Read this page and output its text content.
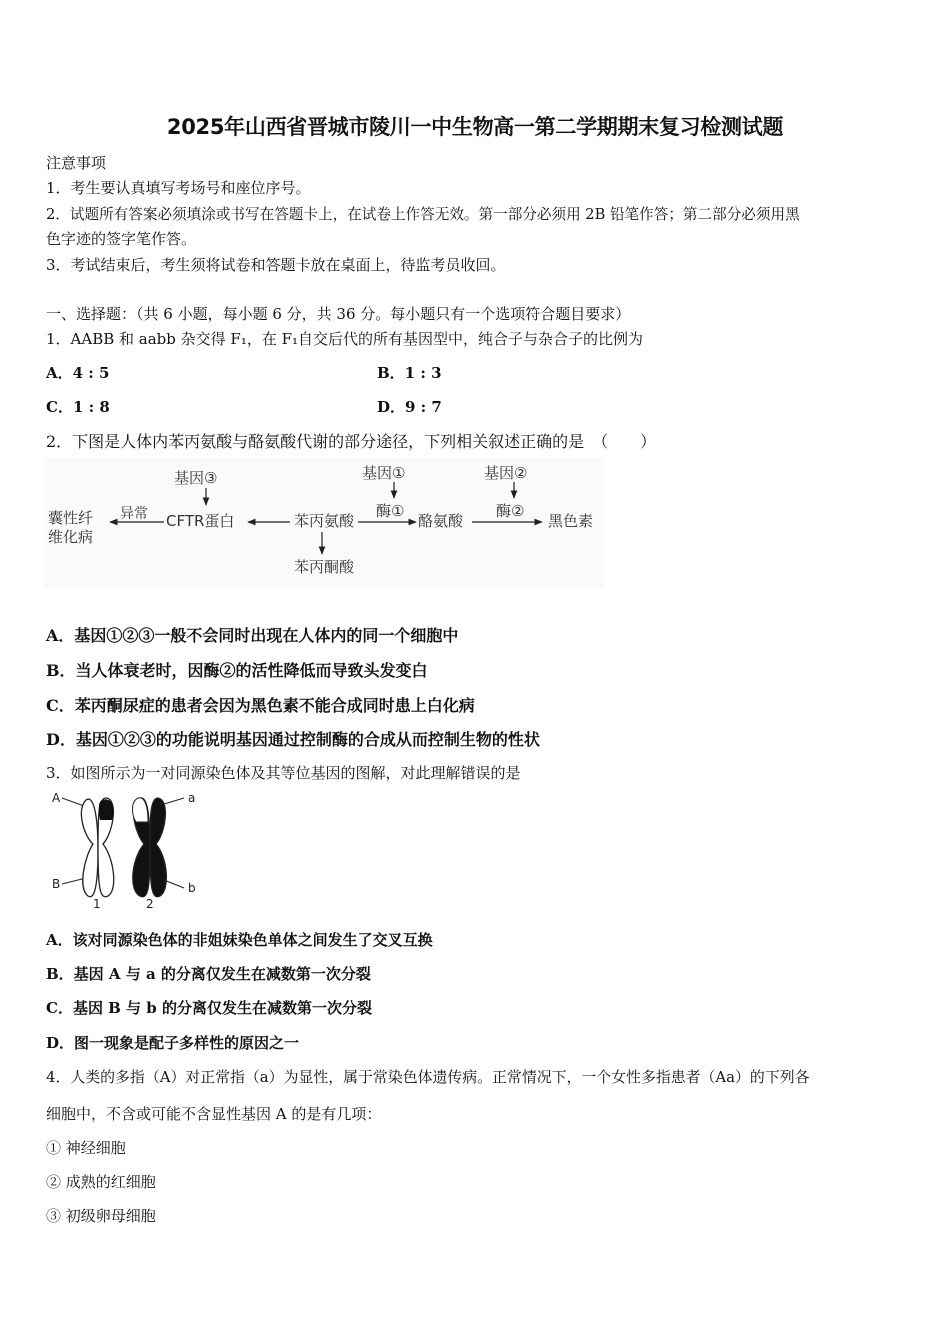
2025年山西省晋城市陵川一中生物高一第二学期期末复习检测试题
注意事项
1．考生要认真填写考场号和座位序号。
2．试题所有答案必须填涂或书写在答题卡上，在试卷上作答无效。第一部分必须用 2B 铅笔作答；第二部分必须用黑
色字迹的签字笔作答。
3．考试结束后，考生须将试卷和答题卡放在桌面上，待监考员收回。
一、选择题：（共 6 小题，每小题 6 分，共 36 分。每小题只有一个选项符合题目要求）
1．AABB 和 aabb 杂交得 F₁，在 F₁自交后代的所有基因型中，纯合子与杂合子的比例为
A．4 : 5	B．1 : 3
C．1 : 8	D．9 : 7
2．下图是人体内苯丙氨酸与酪氨酸代谢的部分途径，下列相关叙述正确的是　（　　）
基因③	基因①	基因②
酶①	酶②
囊性纤
维化病
异常 CFTR蛋白	苯丙氨酸	酪氨酸	黑色素
苯丙酮酸
A．基因①②③一般不会同时出现在人体内的同一个细胞中
B．当人体衰老时，因酶②的活性降低而导致头发变白
C．苯丙酮尿症的患者会因为黑色素不能合成同时患上白化病
D．基因①②③的功能说明基因通过控制酶的合成从而控制生物的性状
3．如图所示为一对同源染色体及其等位基因的图解，对此理解错误的是
A
B
1
a
b
2
A．该对同源染色体的非姐妹染色单体之间发生了交叉互换
B．基因 A 与 a 的分离仅发生在减数第一次分裂
C．基因 B 与 b 的分离仅发生在减数第一次分裂
D．图一现象是配子多样性的原因之一
4．人类的多指（A）对正常指（a）为显性，属于常染色体遗传病。正常情况下，一个女性多指患者（Aa）的下列各
细胞中，不含或可能不含显性基因 A 的是有几项：
① 神经细胞
② 成熟的红细胞
③ 初级卵母细胞
